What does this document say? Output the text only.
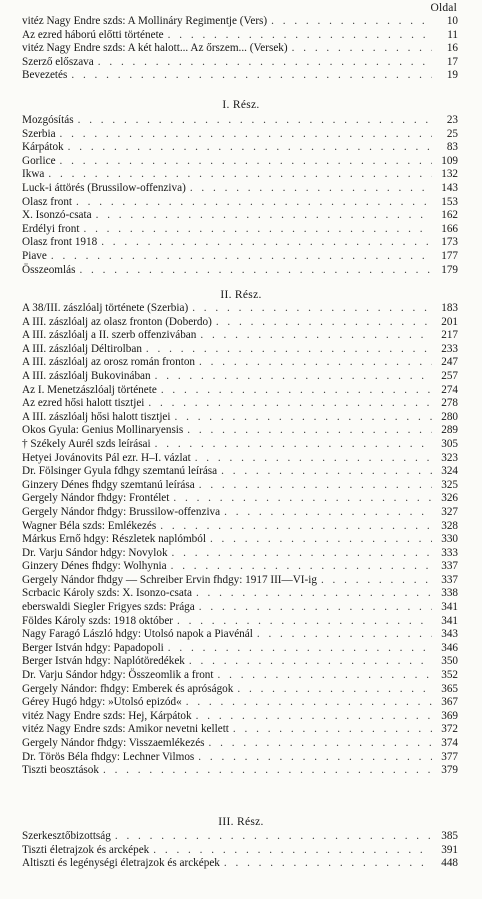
Oldal
vitéz Nagy Endre szds: A Mollináry Regimentje (Vers) . . .	10
Az ezred háború előtti története . . .	11
vitéz Nagy Endre szds: A két halott... Az őrszem... (Versek) . . .	16
Szerző előszava . . .	17
Bevezetés . . .	19
I. Rész.
Mozgósítás . . .	23
Szerbia . . .	25
Kárpátok . . .	83
Gorlice . . .	109
Ikwa . . .	132
Luck-i áttörés (Brussilow-offenziva) . . .	143
Olasz front . . .	153
X. Isonzó-csata . . .	162
Erdélyi front . . .	166
Olasz front 1918 . . .	173
Piave . . .	177
Összeomlás . . .	179
II. Rész.
A 38/III. zászlóalj története (Szerbia) . . .	183
A III. zászlóalj az olasz fronton (Doberdo) . . .	201
A III. zászlóalj a II. szerb offenzivában . . .	217
A III. zászlóalj Déltirolban . . .	233
A III. zászlóalj az orosz román fronton . . .	247
A III. zászlóalj Bukovinában . . .	257
Az I. Menetzászlóalj története . . .	274
Az ezred hősi halott tisztjei . . .	278
A III. zászlóalj hősi halott tisztjei . . .	280
Okos Gyula: Genius Mollinaryensis . . .	289
† Székely Aurél szds leírásai . . .	305
Hetyei Jovánovits Pál ezr. H–I. vázlat . . .	323
Dr. Fölsinger Gyula fdhgy szemtanú leírása . . .	324
Ginzery Dénes fhdgy szemtanú leírása . . .	325
Gergely Nándor fhdgy: Frontélet . . .	326
Gergely Nándor fhdgy: Brussilow-offenziva . . .	327
Wagner Béla szds: Emlékezés . . .	328
Márkus Ernő hdgy: Részletek naplómból . . .	330
Dr. Varju Sándor hdgy: Novylok . . .	333
Ginzery Dénes fhdgy: Wolhynia . . .	337
Gergely Nándor fhdgy — Schreiber Ervin fhdgy: 1917 III—VI-ig . . .	337
Scrbacic Károly szds: X. Isonzo-csata . . .	338
eberswaldi Siegler Frigyes szds: Prága . . .	341
Földes Károly szds: 1918 október . . .	341
Nagy Faragó László hdgy: Utolsó napok a Piavénál . . .	343
Berger István hdgy: Papadopoli . . .	346
Berger István hdgy: Naplótöredékek . . .	350
Dr. Varju Sándor hdgy: Összeomlik a front . . .	352
Gergely Nándor: fhdgy: Emberek és apróságok . . .	365
Gérey Hugó hdgy: »Utolsó epizód« . . .	367
vitéz Nagy Endre szds: Hej, Kárpátok . . .	369
vitéz Nagy Endre szds: Amikor nevetni kellett . . .	372
Gergely Nándor fhdgy: Visszaemlékezés . . .	374
Dr. Törös Béla fhdgy: Lechner Vilmos . . .	377
Tiszti beosztások . . .	379
III. Rész.
Szerkesztőbizottság . . .	385
Tiszti életrajzok és arcképek . . .	391
Altiszti és legénységi életrajzok és arcképek . . .	448
